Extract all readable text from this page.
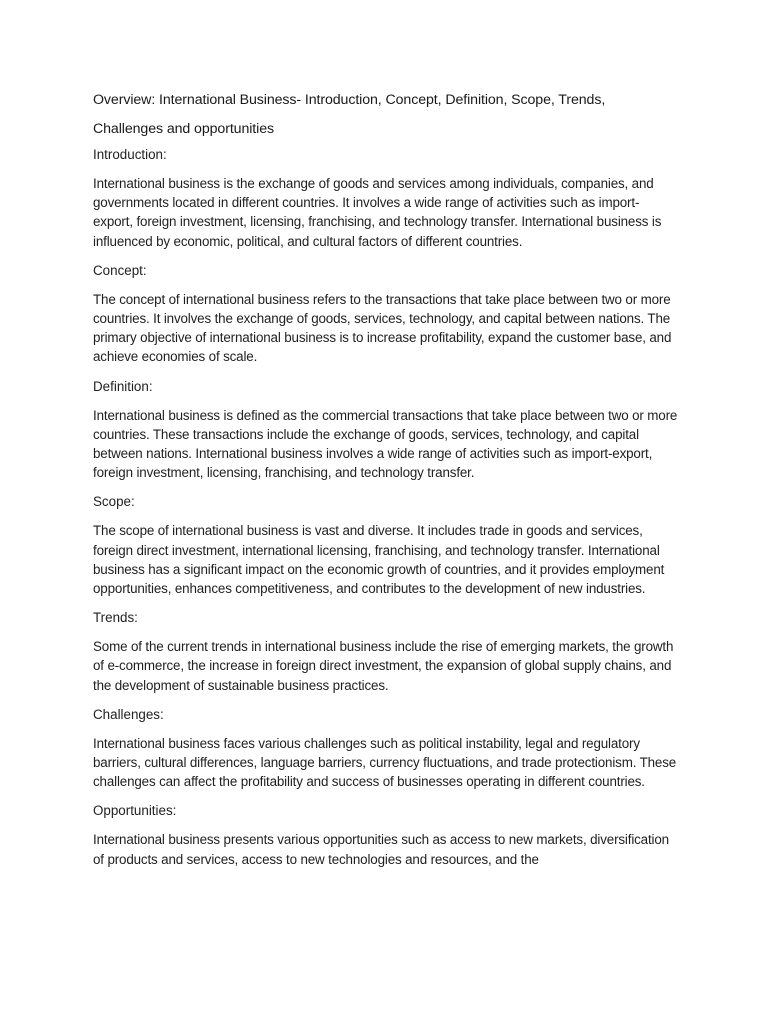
Overview: International Business- Introduction, Concept, Definition, Scope, Trends, Challenges and opportunities

Introduction:

International business is the exchange of goods and services among individuals, companies, and governments located in different countries. It involves a wide range of activities such as import-export, foreign investment, licensing, franchising, and technology transfer. International business is influenced by economic, political, and cultural factors of different countries.

Concept:

The concept of international business refers to the transactions that take place between two or more countries. It involves the exchange of goods, services, technology, and capital between nations. The primary objective of international business is to increase profitability, expand the customer base, and achieve economies of scale.

Definition:

International business is defined as the commercial transactions that take place between two or more countries. These transactions include the exchange of goods, services, technology, and capital between nations. International business involves a wide range of activities such as import-export, foreign investment, licensing, franchising, and technology transfer.

Scope:

The scope of international business is vast and diverse. It includes trade in goods and services, foreign direct investment, international licensing, franchising, and technology transfer. International business has a significant impact on the economic growth of countries, and it provides employment opportunities, enhances competitiveness, and contributes to the development of new industries.

Trends:

Some of the current trends in international business include the rise of emerging markets, the growth of e-commerce, the increase in foreign direct investment, the expansion of global supply chains, and the development of sustainable business practices.

Challenges:

International business faces various challenges such as political instability, legal and regulatory barriers, cultural differences, language barriers, currency fluctuations, and trade protectionism. These challenges can affect the profitability and success of businesses operating in different countries.

Opportunities:

International business presents various opportunities such as access to new markets, diversification of products and services, access to new technologies and resources, and the
